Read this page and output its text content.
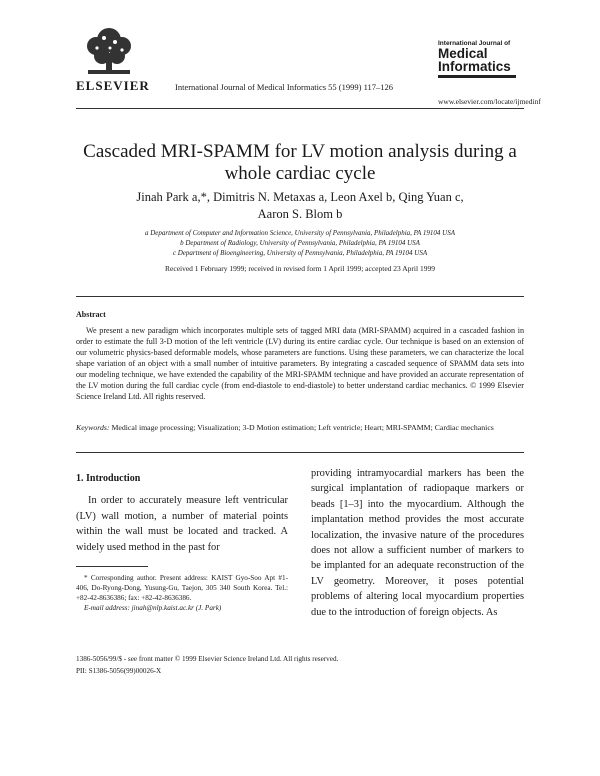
ELSEVIER	International Journal of Medical Informatics 55 (1999) 117–126
International Journal of
Medical
Informatics
www.elsevier.com/locate/ijmedinf
Cascaded MRI-SPAMM for LV motion analysis during a whole cardiac cycle
Jinah Park a,*, Dimitris N. Metaxas a, Leon Axel b, Qing Yuan c,
Aaron S. Blom b
a Department of Computer and Information Science, University of Pennsylvania, Philadelphia, PA 19104 USA
b Department of Radiology, University of Pennsylvania, Philadelphia, PA 19104 USA
c Department of Bioengineering, University of Pennsylvania, Philadelphia, PA 19104 USA
Received 1 February 1999; received in revised form 1 April 1999; accepted 23 April 1999
Abstract
We present a new paradigm which incorporates multiple sets of tagged MRI data (MRI-SPAMM) acquired in a cascaded fashion in order to estimate the full 3-D motion of the left ventricle (LV) during its entire cardiac cycle. Our technique is based on an extension of our volumetric physics-based deformable models, whose parameters are functions. Using these parameters, we can characterize the local shape variation of an object with a small number of intuitive parameters. By integrating a cascaded sequence of SPAMM data sets into our modeling technique, we have extended the capability of the MRI-SPAMM technique and have provided an accurate representation of the LV motion during the full cardiac cycle (from end-diastole to end-diastole) to better understand cardiac mechanics. © 1999 Elsevier Science Ireland Ltd. All rights reserved.
Keywords: Medical image processing; Visualization; 3-D Motion estimation; Left ventricle; Heart; MRI-SPAMM; Cardiac mechanics
1. Introduction
In order to accurately measure left ventricular (LV) wall motion, a number of material points within the wall must be located and tracked. A widely used method in the past for
providing intramyocardial markers has been the surgical implantation of radiopaque markers or beads [1–3] into the myocardium. Although the implantation method provides the most accurate localization, the invasive nature of the procedures does not allow a sufficient number of markers to be implanted for an adequate reconstruction of the LV geometry. Moreover, it poses potential problems of altering local myocardium properties due to the introduction of foreign objects. As

* Corresponding author. Present address: KAIST Gyo-Soo Apt #1-406, Do-Ryong-Dong, Yusung-Gu, Taejon, 305 340 South Korea. Tel.: +82-42-8636386; fax: +82-42-8636386.

E-mail address: jinah@nlp.kaist.ac.kr (J. Park)

1386-5056/99/$ - see front matter © 1999 Elsevier Science Ireland Ltd. All rights reserved.
PII: S1386-5056(99)00026-X
